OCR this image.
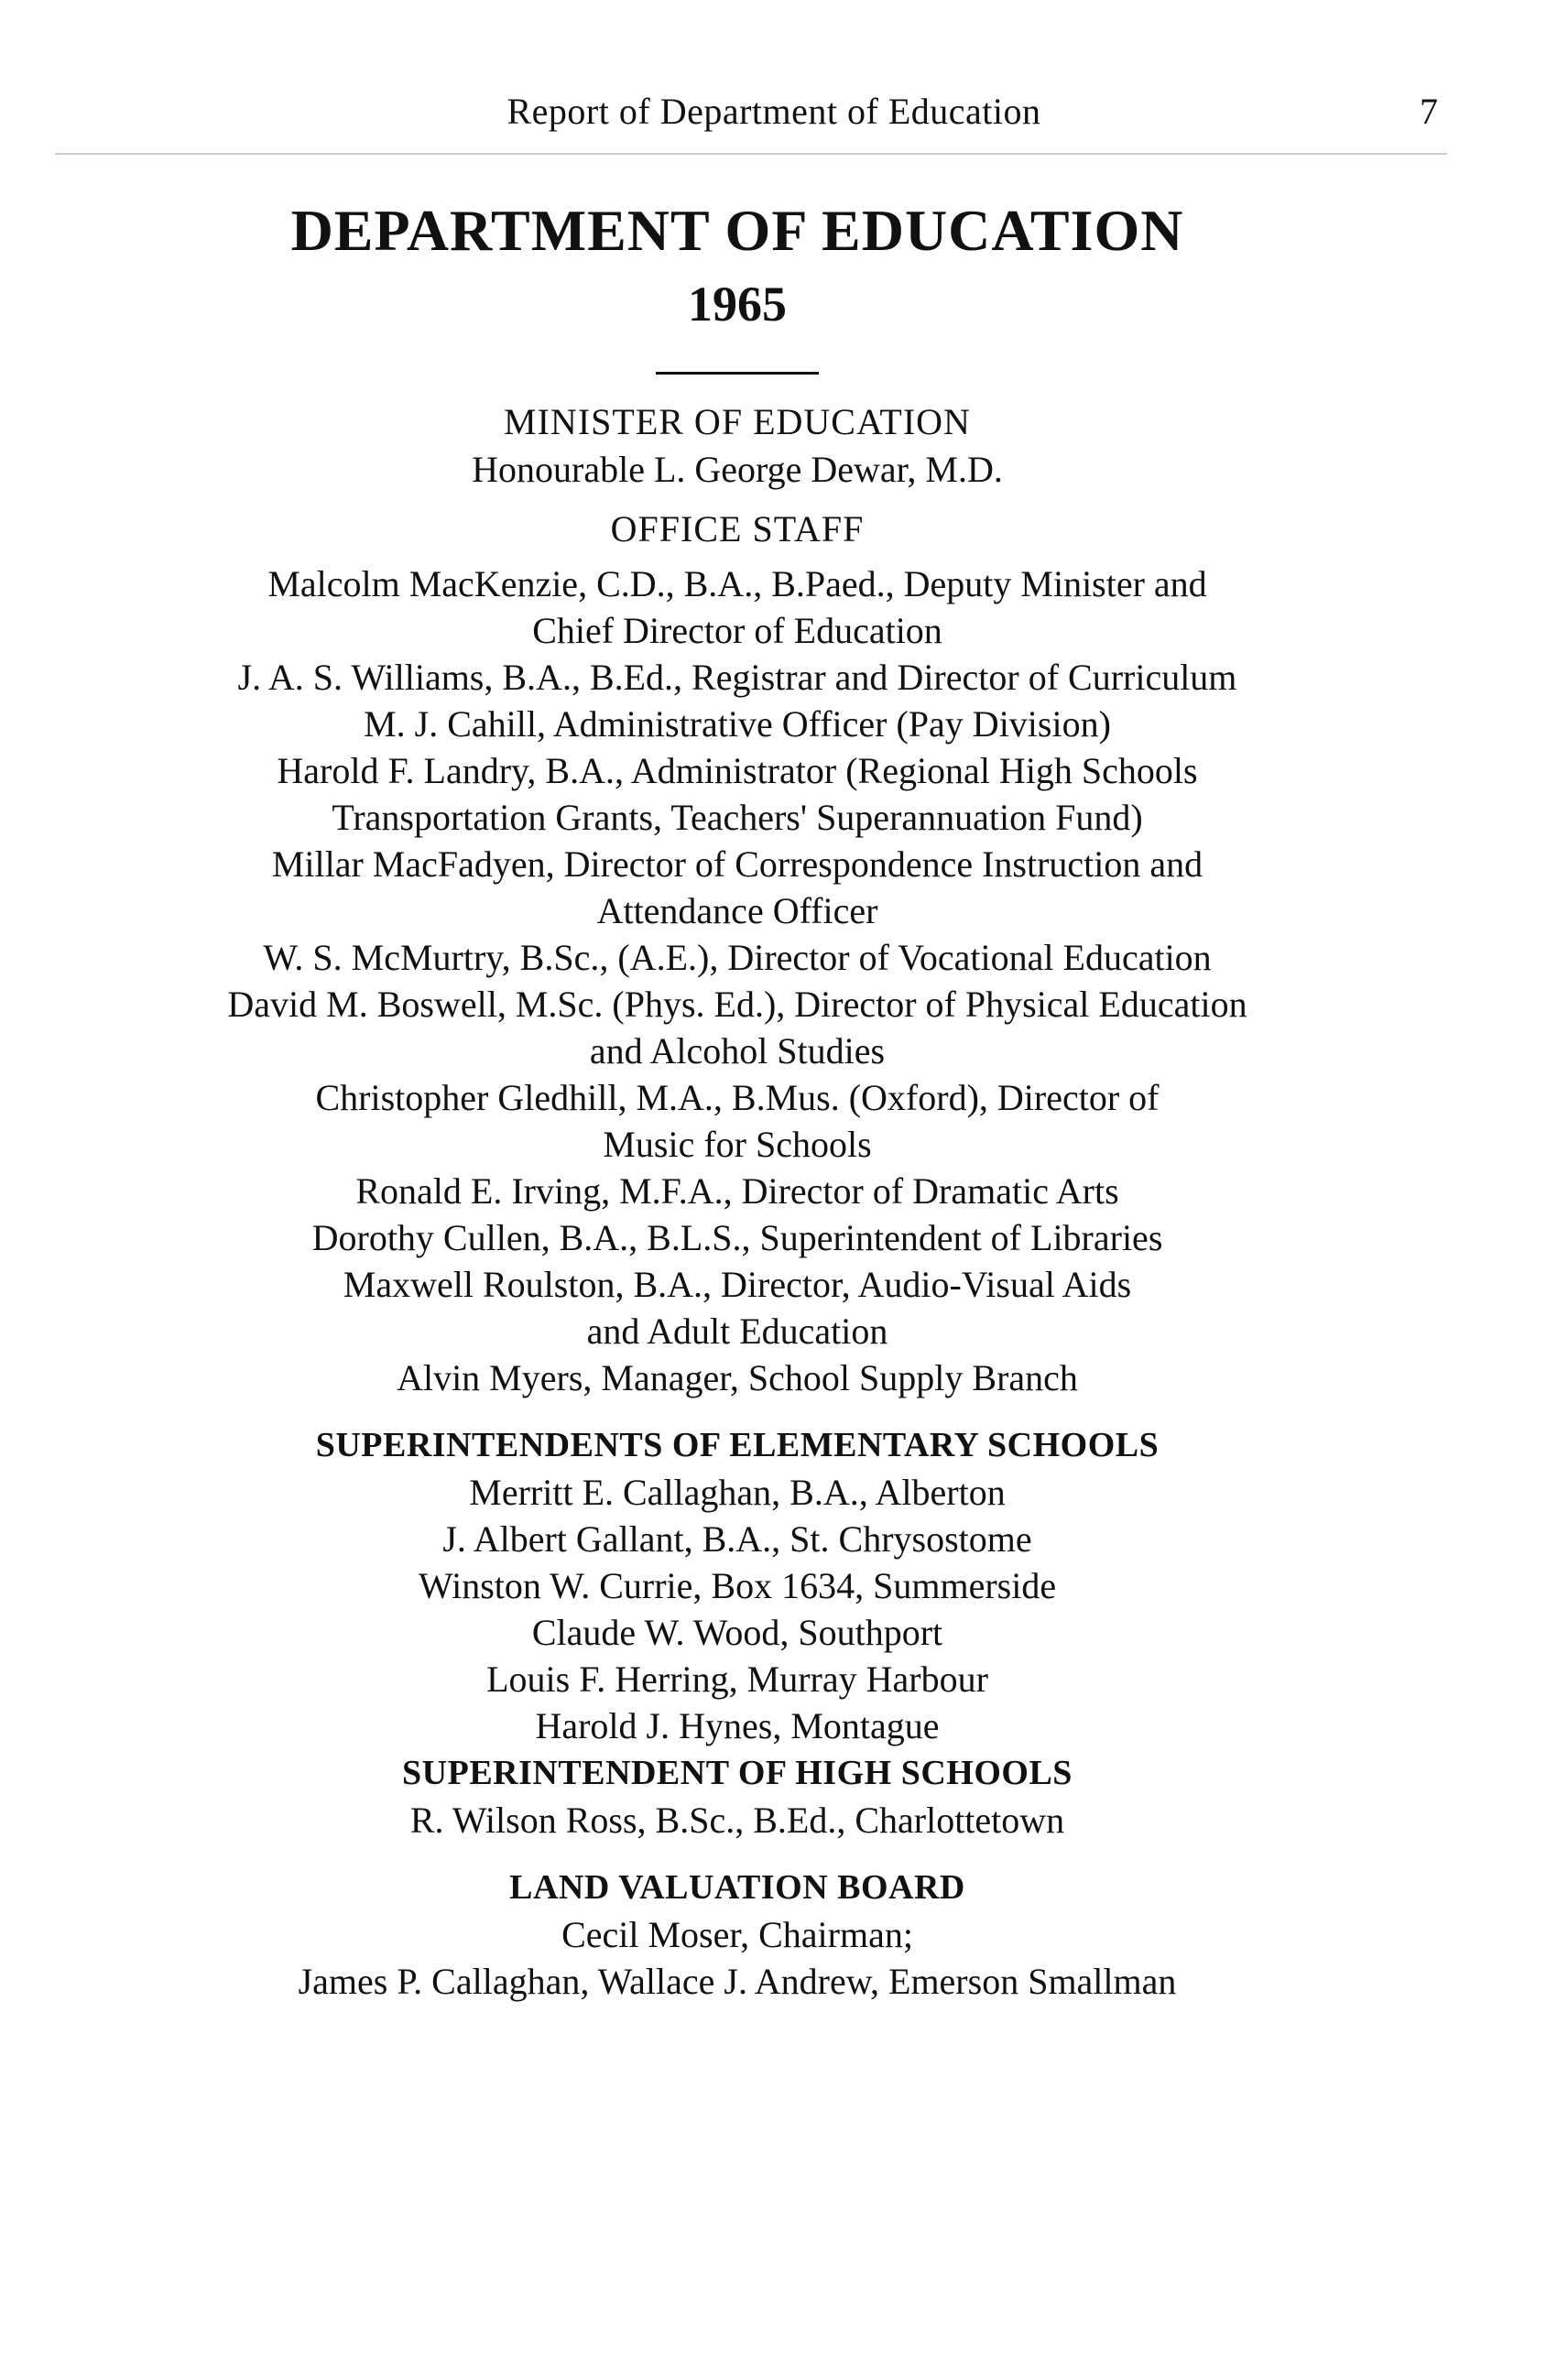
Report of Department of Education	7
DEPARTMENT OF EDUCATION
1965
MINISTER OF EDUCATION
Honourable L. George Dewar, M.D.
OFFICE STAFF
Malcolm MacKenzie, C.D., B.A., B.Paed., Deputy Minister and
Chief Director of Education
J. A. S. Williams, B.A., B.Ed., Registrar and Director of Curriculum
M. J. Cahill, Administrative Officer (Pay Division)
Harold F. Landry, B.A., Administrator (Regional High Schools
Transportation Grants, Teachers' Superannuation Fund)
Millar MacFadyen, Director of Correspondence Instruction and
Attendance Officer
W. S. McMurtry, B.Sc., (A.E.), Director of Vocational Education
David M. Boswell, M.Sc. (Phys. Ed.), Director of Physical Education
and Alcohol Studies
Christopher Gledhill, M.A., B.Mus. (Oxford), Director of
Music for Schools
Ronald E. Irving, M.F.A., Director of Dramatic Arts
Dorothy Cullen, B.A., B.L.S., Superintendent of Libraries
Maxwell Roulston, B.A., Director, Audio-Visual Aids
and Adult Education
Alvin Myers, Manager, School Supply Branch
SUPERINTENDENTS OF ELEMENTARY SCHOOLS
Merritt E. Callaghan, B.A., Alberton
J. Albert Gallant, B.A., St. Chrysostome
Winston W. Currie, Box 1634, Summerside
Claude W. Wood, Southport
Louis F. Herring, Murray Harbour
Harold J. Hynes, Montague
SUPERINTENDENT OF HIGH SCHOOLS
R. Wilson Ross, B.Sc., B.Ed., Charlottetown
LAND VALUATION BOARD
Cecil Moser, Chairman;
James P. Callaghan, Wallace J. Andrew, Emerson Smallman
